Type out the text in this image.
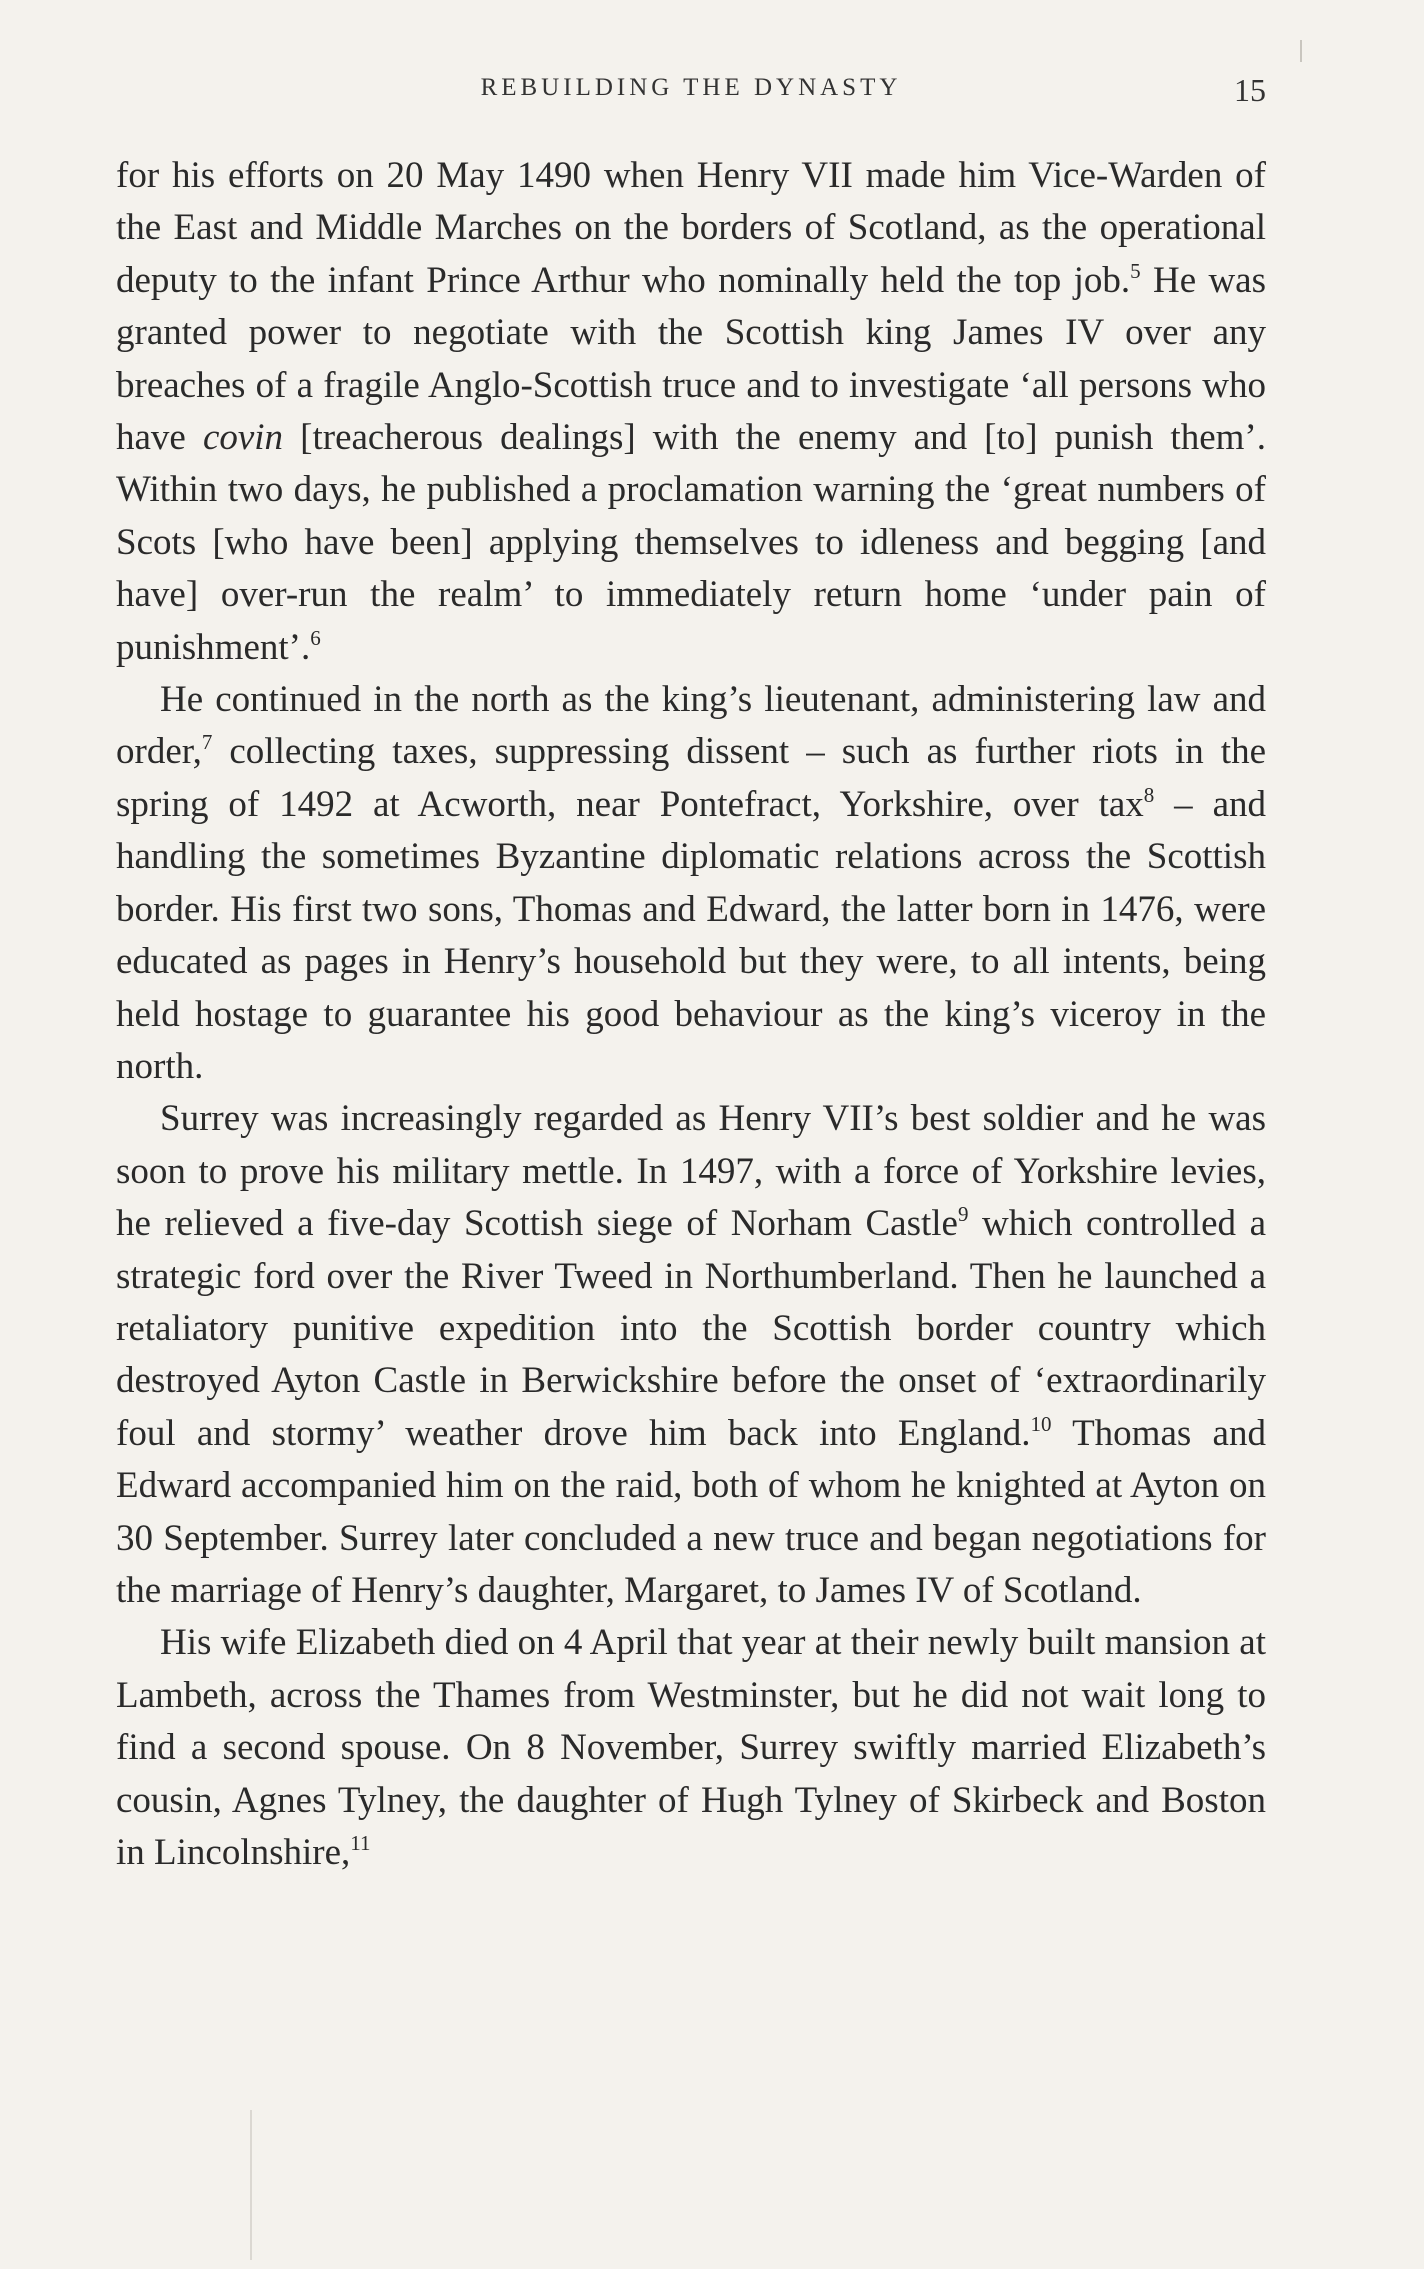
REBUILDING THE DYNASTY	15

for his efforts on 20 May 1490 when Henry VII made him Vice-Warden of the East and Middle Marches on the borders of Scotland, as the operational deputy to the infant Prince Arthur who nominally held the top job.$^5$ He was granted power to negotiate with the Scottish king James IV over any breaches of a fragile Anglo-Scottish truce and to investigate ‘all persons who have covin [treacherous dealings] with the enemy and [to] punish them’. Within two days, he published a proclamation warning the ‘great numbers of Scots [who have been] applying themselves to idleness and begging [and have] over-run the realm’ to immediately return home ‘under pain of punishment’.$^6$

He continued in the north as the king’s lieutenant, administering law and order,$^7$ collecting taxes, suppressing dissent – such as further riots in the spring of 1492 at Acworth, near Pontefract, Yorkshire, over tax$^8$ – and handling the sometimes Byzantine diplomatic relations across the Scottish border. His first two sons, Thomas and Edward, the latter born in 1476, were educated as pages in Henry’s household but they were, to all intents, being held hostage to guarantee his good behaviour as the king’s viceroy in the north.

Surrey was increasingly regarded as Henry VII’s best soldier and he was soon to prove his military mettle. In 1497, with a force of Yorkshire levies, he relieved a five-day Scottish siege of Norham Castle$^9$ which controlled a strategic ford over the River Tweed in Northumberland. Then he launched a retaliatory punitive expedition into the Scottish border country which destroyed Ayton Castle in Berwickshire before the onset of ‘extraordinarily foul and stormy’ weather drove him back into England.$^{10}$ Thomas and Edward accompanied him on the raid, both of whom he knighted at Ayton on 30 September. Surrey later concluded a new truce and began negotiations for the marriage of Henry’s daughter, Margaret, to James IV of Scotland.

His wife Elizabeth died on 4 April that year at their newly built mansion at Lambeth, across the Thames from Westminster, but he did not wait long to find a second spouse. On 8 November, Surrey swiftly married Elizabeth’s cousin, Agnes Tylney, the daughter of Hugh Tylney of Skirbeck and Boston in Lincolnshire,$^{11}$
